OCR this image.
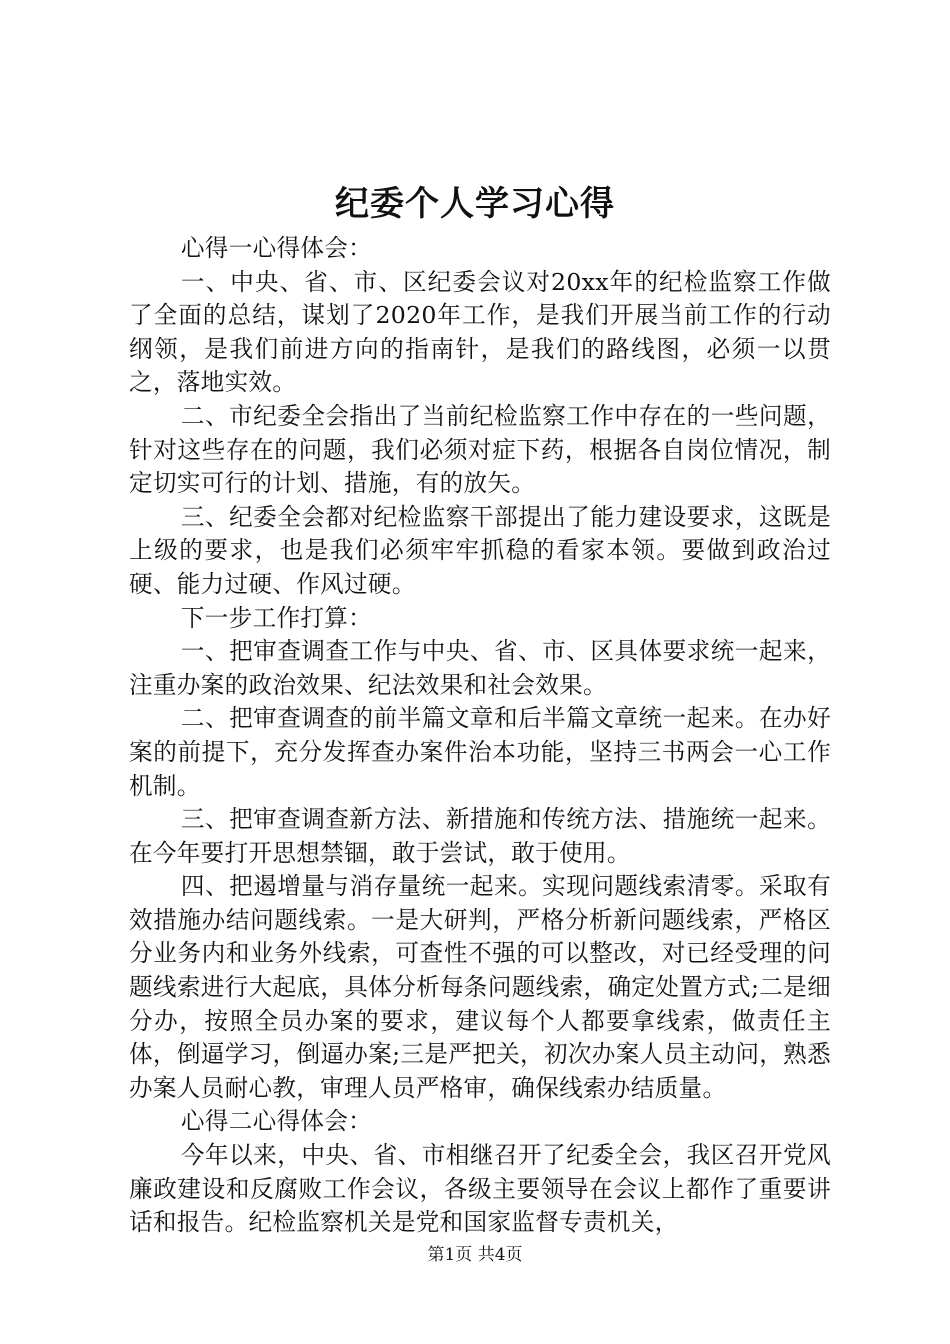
纪委个人学习心得

心得一心得体会：

一、中央、省、市、区纪委会议对20xx年的纪检监察工作做了全面的总结，谋划了2020年工作，是我们开展当前工作的行动纲领，是我们前进方向的指南针，是我们的路线图，必须一以贯之，落地实效。

二、市纪委全会指出了当前纪检监察工作中存在的一些问题，针对这些存在的问题，我们必须对症下药，根据各自岗位情况，制定切实可行的计划、措施，有的放矢。

三、纪委全会都对纪检监察干部提出了能力建设要求，这既是上级的要求，也是我们必须牢牢抓稳的看家本领。要做到政治过硬、能力过硬、作风过硬。

下一步工作打算：

一、把审查调查工作与中央、省、市、区具体要求统一起来，注重办案的政治效果、纪法效果和社会效果。

二、把审查调查的前半篇文章和后半篇文章统一起来。在办好案的前提下，充分发挥查办案件治本功能，坚持三书两会一心工作机制。

三、把审查调查新方法、新措施和传统方法、措施统一起来。在今年要打开思想禁锢，敢于尝试，敢于使用。

四、把遏增量与消存量统一起来。实现问题线索清零。采取有效措施办结问题线索。一是大研判，严格分析新问题线索，严格区分业务内和业务外线索，可查性不强的可以整改，对已经受理的问题线索进行大起底，具体分析每条问题线索，确定处置方式;二是细分办，按照全员办案的要求，建议每个人都要拿线索，做责任主体，倒逼学习，倒逼办案;三是严把关，初次办案人员主动问，熟悉办案人员耐心教，审理人员严格审，确保线索办结质量。

心得二心得体会：

今年以来，中央、省、市相继召开了纪委全会，我区召开党风廉政建设和反腐败工作会议，各级主要领导在会议上都作了重要讲话和报告。纪检监察机关是党和国家监督专责机关，

第1页 共4页
